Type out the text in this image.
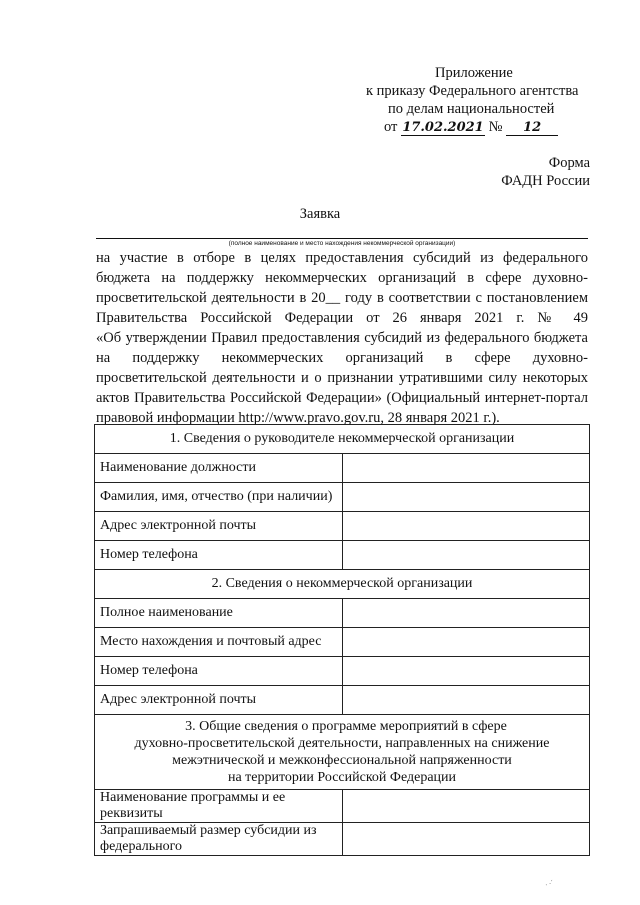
Приложение
к приказу Федерального агентства
по делам национальностей
от 17.02.2021 № 12
Форма
ФАДН России
Заявка
(полное наименование и место нахождения некоммерческой организации)
на участие в отборе в целях предоставления субсидий из федерального
бюджета на поддержку некоммерческих организаций в сфере духовно-
просветительской деятельности в 20__ году в соответствии с постановлением
Правительства Российской Федерации от 26 января 2021 г. № 49
«Об утверждении Правил предоставления субсидий из федерального бюджета
на поддержку некоммерческих организаций в сфере духовно-
просветительской деятельности и о признании утратившими силу некоторых
актов Правительства Российской Федерации» (Официальный интернет-портал
правовой информации http://www.pravo.gov.ru, 28 января 2021 г.).
1. Сведения о руководителе некоммерческой организации	
Наименование должности	
Фамилия, имя, отчество (при наличии)	
Адрес электронной почты	
Номер телефона	
2. Сведения о некоммерческой организации	
Полное наименование	
Место нахождения и почтовый адрес	
Номер телефона	
Адрес электронной почты	

3. Общие сведения о программе мероприятий в сфере
духовно-просветительской деятельности, направленных на снижение
межэтнической и межконфессиональной напряженности
на территории Российской Федерации	

Наименование программы и ее реквизиты	
Запрашиваемый размер субсидии из федерального	
· ·´
